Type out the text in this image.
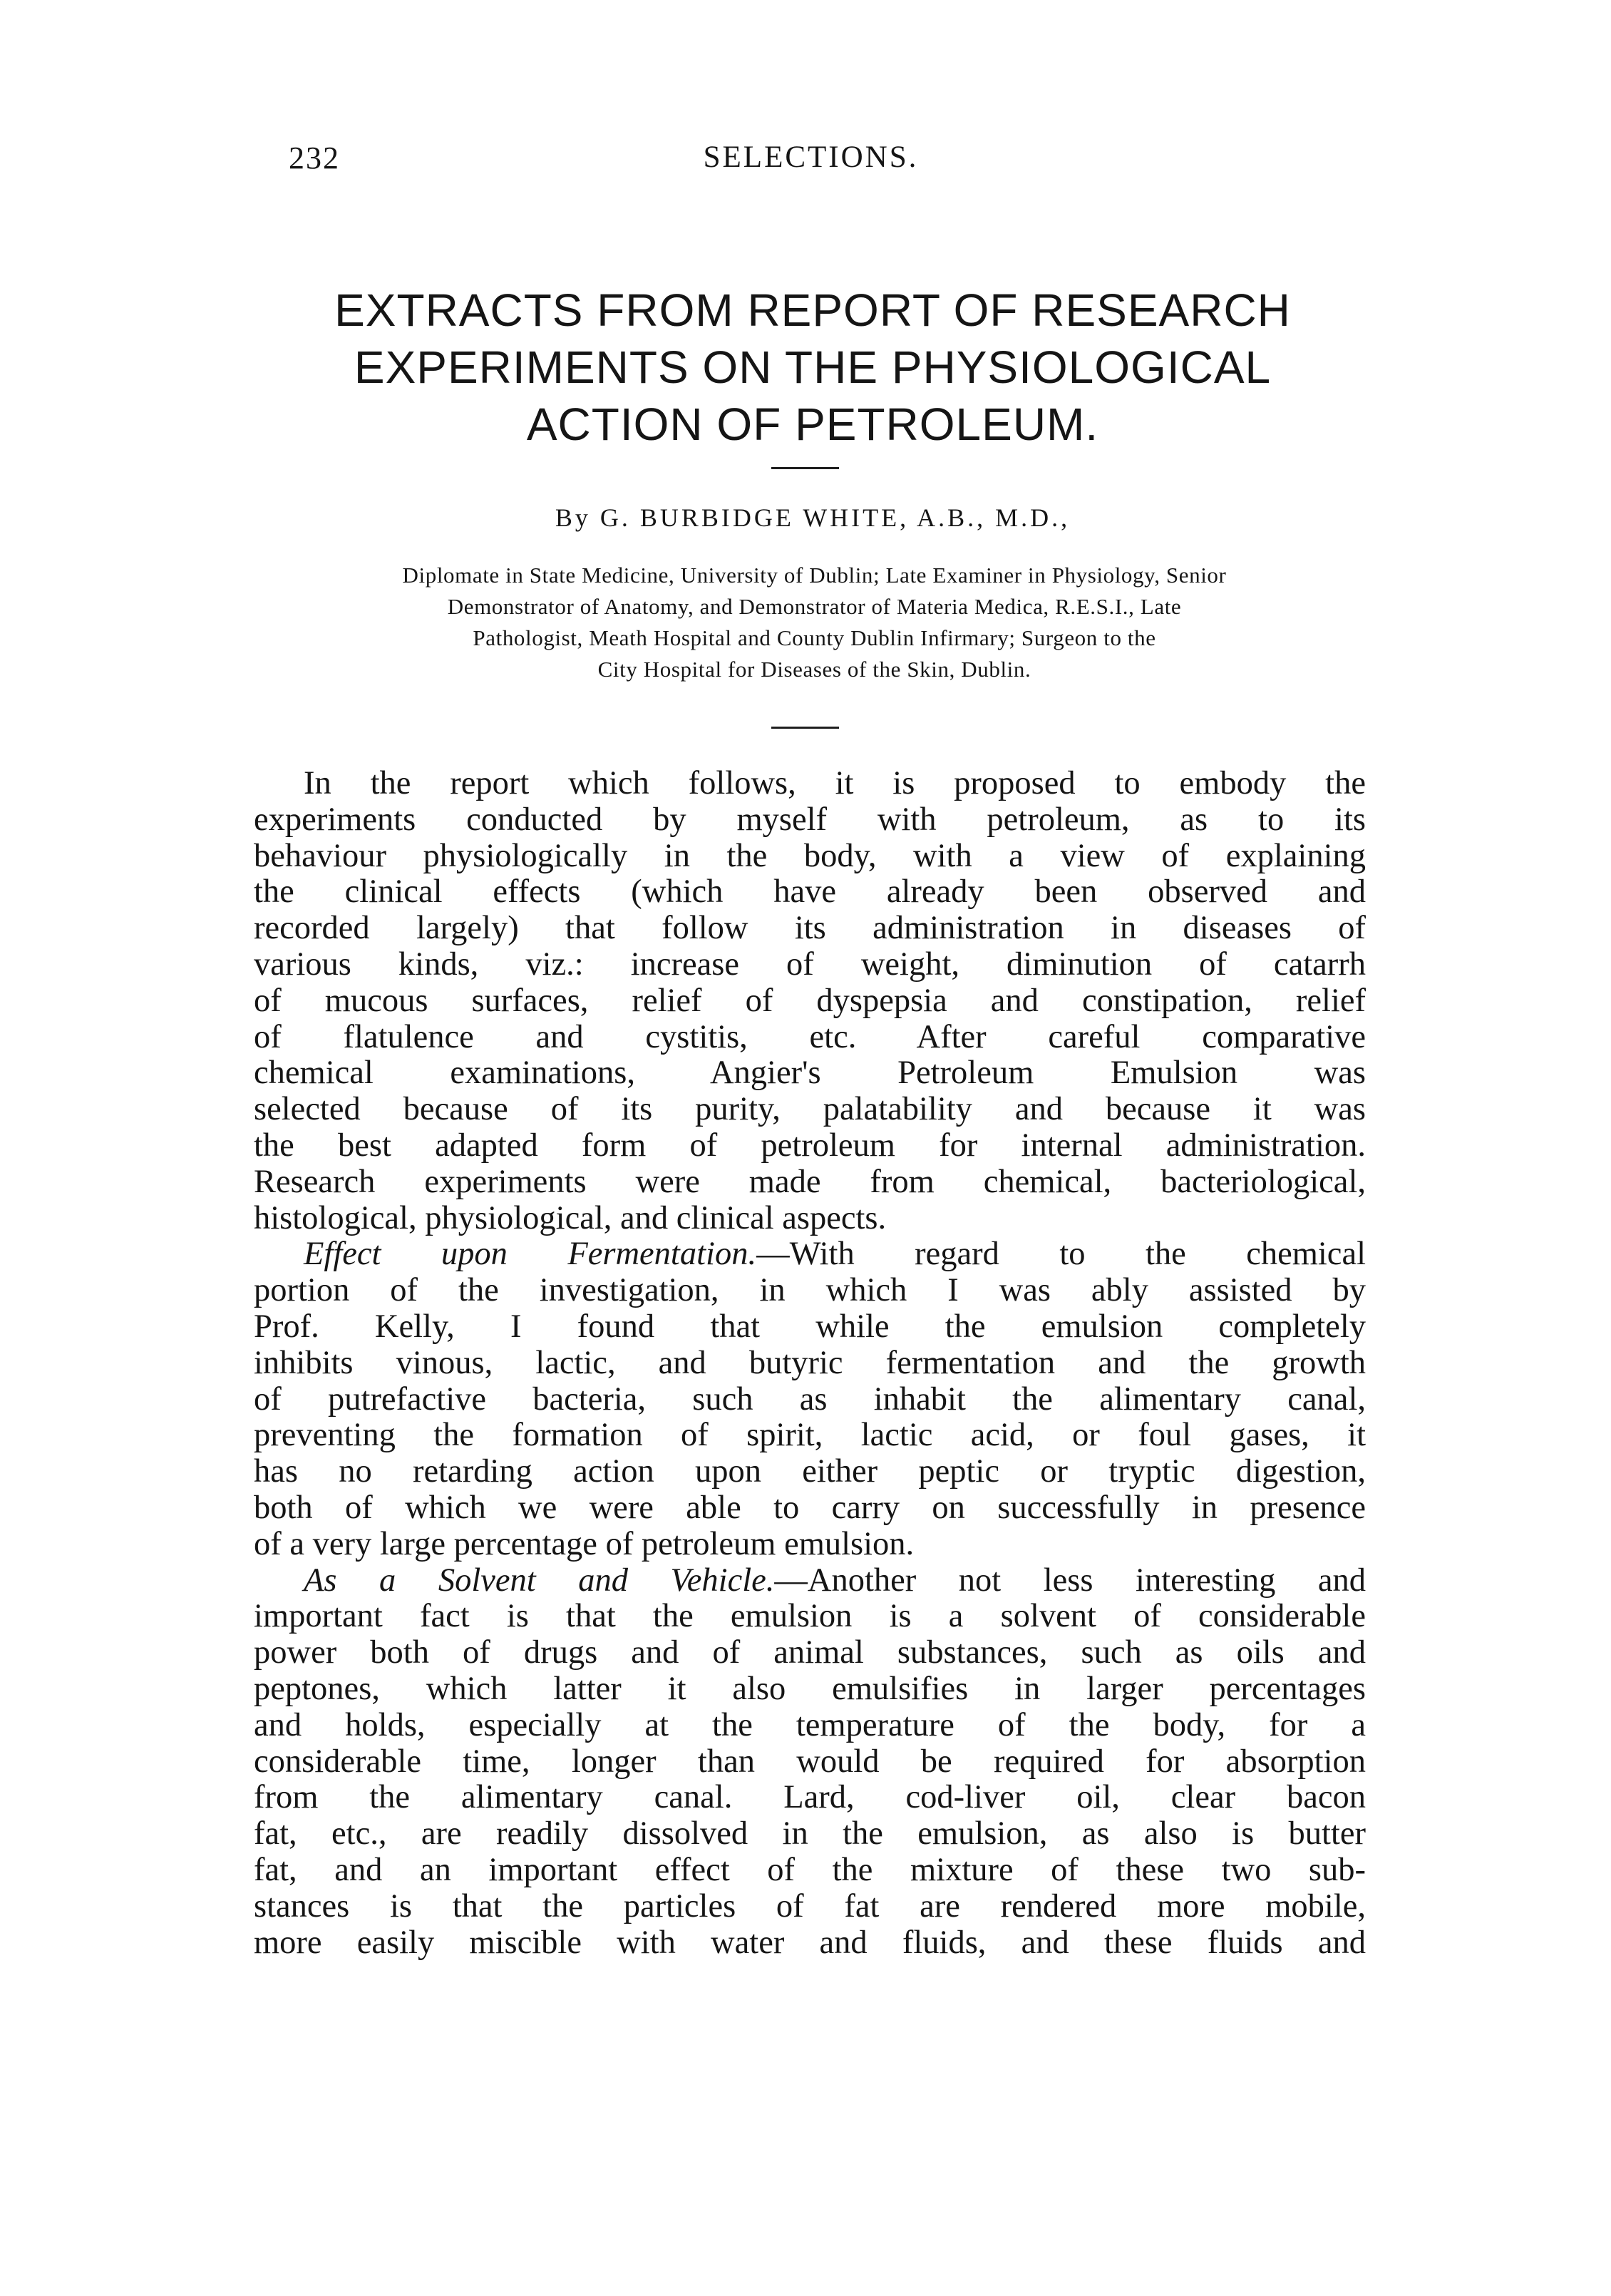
232	SELECTIONS.
EXTRACTS FROM REPORT OF RESEARCH
EXPERIMENTS ON THE PHYSIOLOGICAL
ACTION OF PETROLEUM.
By G. BURBIDGE WHITE, A.B., M.D.,
Diplomate in State Medicine, University of Dublin; Late Examiner in Physiology, Senior
Demonstrator of Anatomy, and Demonstrator of Materia Medica, R.E.S.I., Late
Pathologist, Meath Hospital and County Dublin Infirmary; Surgeon to the
City Hospital for Diseases of the Skin, Dublin.
In the report which follows, it is proposed to embody the
experiments conducted by myself with petroleum, as to its
behaviour physiologically in the body, with a view of explaining
the clinical effects (which have already been observed and
recorded largely) that follow its administration in diseases of
various kinds, viz.: increase of weight, diminution of catarrh
of mucous surfaces, relief of dyspepsia and constipation, relief
of flatulence and cystitis, etc. After careful comparative
chemical examinations, Angier's Petroleum Emulsion was
selected because of its purity, palatability and because it was
the best adapted form of petroleum for internal administration.
Research experiments were made from chemical, bacteriological,
histological, physiological, and clinical aspects.
Effect upon Fermentation.—With regard to the chemical
portion of the investigation, in which I was ably assisted by
Prof. Kelly, I found that while the emulsion completely
inhibits vinous, lactic, and butyric fermentation and the growth
of putrefactive bacteria, such as inhabit the alimentary canal,
preventing the formation of spirit, lactic acid, or foul gases, it
has no retarding action upon either peptic or tryptic digestion,
both of which we were able to carry on successfully in presence
of a very large percentage of petroleum emulsion.
As a Solvent and Vehicle.—Another not less interesting and
important fact is that the emulsion is a solvent of considerable
power both of drugs and of animal substances, such as oils and
peptones, which latter it also emulsifies in larger percentages
and holds, especially at the temperature of the body, for a
considerable time, longer than would be required for absorption
from the alimentary canal. Lard, cod-liver oil, clear bacon
fat, etc., are readily dissolved in the emulsion, as also is butter
fat, and an important effect of the mixture of these two sub-
stances is that the particles of fat are rendered more mobile,
more easily miscible with water and fluids, and these fluids and
